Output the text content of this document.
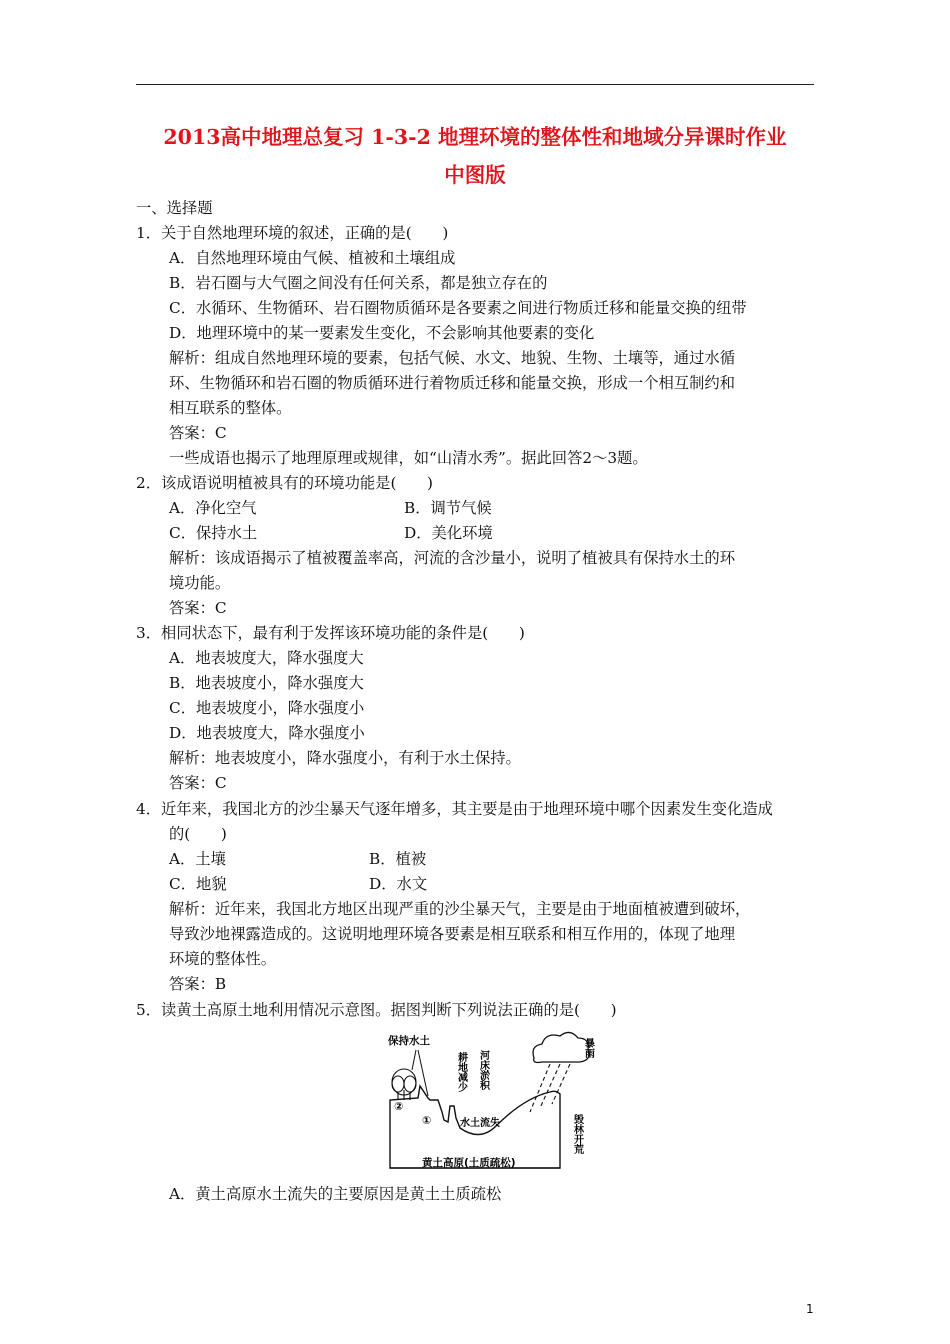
2013高中地理总复习 1-3-2 地理环境的整体性和地域分异课时作业
中图版
一、选择题
1．关于自然地理环境的叙述，正确的是(　　)
A．自然地理环境由气候、植被和土壤组成
B．岩石圈与大气圈之间没有任何关系，都是独立存在的
C．水循环、生物循环、岩石圈物质循环是各要素之间进行物质迁移和能量交换的纽带
D．地理环境中的某一要素发生变化，不会影响其他要素的变化
解析：组成自然地理环境的要素，包括气候、水文、地貌、生物、土壤等，通过水循
环、生物循环和岩石圈的物质循环进行着物质迁移和能量交换，形成一个相互制约和
相互联系的整体。
答案：C
一些成语也揭示了地理原理或规律，如“山清水秀”。据此回答2～3题。
2．该成语说明植被具有的环境功能是(　　)
A．净化空气	B．调节气候
C．保持水土	D．美化环境
解析：该成语揭示了植被覆盖率高，河流的含沙量小，说明了植被具有保持水土的环
境功能。
答案：C
3．相同状态下，最有利于发挥该环境功能的条件是(　　)
A．地表坡度大，降水强度大
B．地表坡度小，降水强度大
C．地表坡度小，降水强度小
D．地表坡度大，降水强度小
解析：地表坡度小，降水强度小，有利于水土保持。
答案：C
4．近年来，我国北方的沙尘暴天气逐年增多，其主要是由于地理环境中哪个因素发生变化造成
的(　　)
A．土壤	B．植被
C．地貌	D．水文
解析：近年来，我国北方地区出现严重的沙尘暴天气，主要是由于地面植被遭到破坏，
导致沙地裸露造成的。这说明地理环境各要素是相互联系和相互作用的，体现了地理
环境的整体性。
答案：B
5．读黄土高原土地利用情况示意图。据图判断下列说法正确的是(　　)
保持水土
②
①
耕地减少 河床淤积
水土流失
暴雨
毁林开荒
黄土高原(土质疏松)
A．黄土高原水土流失的主要原因是黄土土质疏松
1
